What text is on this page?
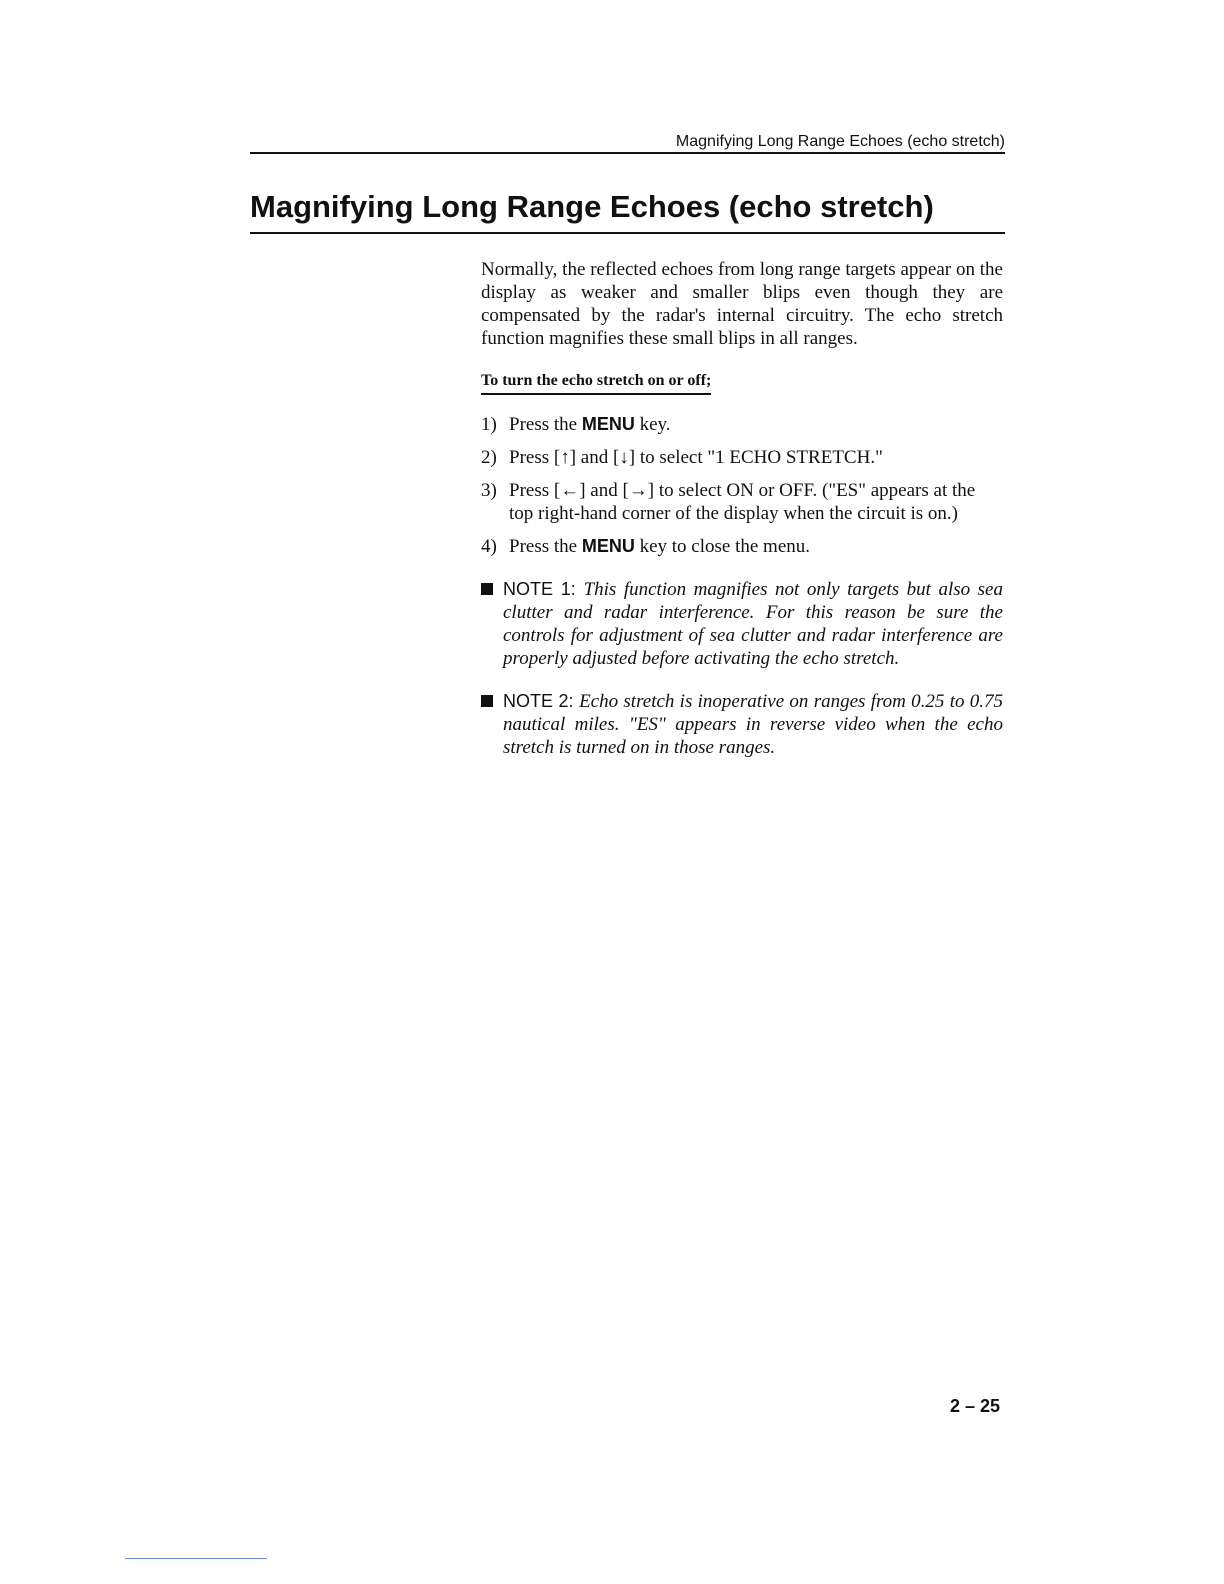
Magnifying Long Range Echoes (echo stretch)
Magnifying Long Range Echoes (echo stretch)

Normally, the reflected echoes from long range targets appear on the display as weaker and smaller blips even though they are compensated by the radar's internal circuitry. The echo stretch function magnifies these small blips in all ranges.

To turn the echo stretch on or off;
1) Press the MENU key.
2) Press [↑] and [↓] to select "1 ECHO STRETCH."
3) Press [←] and [→] to select ON or OFF. ("ES" appears at the top right-hand corner of the display when the circuit is on.)
4) Press the MENU key to close the menu.
NOTE 1: This function magnifies not only targets but also sea clutter and radar interference. For this reason be sure the controls for adjustment of sea clutter and radar interference are properly adjusted before activating the echo stretch.
NOTE 2: Echo stretch is inoperative on ranges from 0.25 to 0.75 nautical miles. "ES" appears in reverse video when the echo stretch is turned on in those ranges.
2 – 25
